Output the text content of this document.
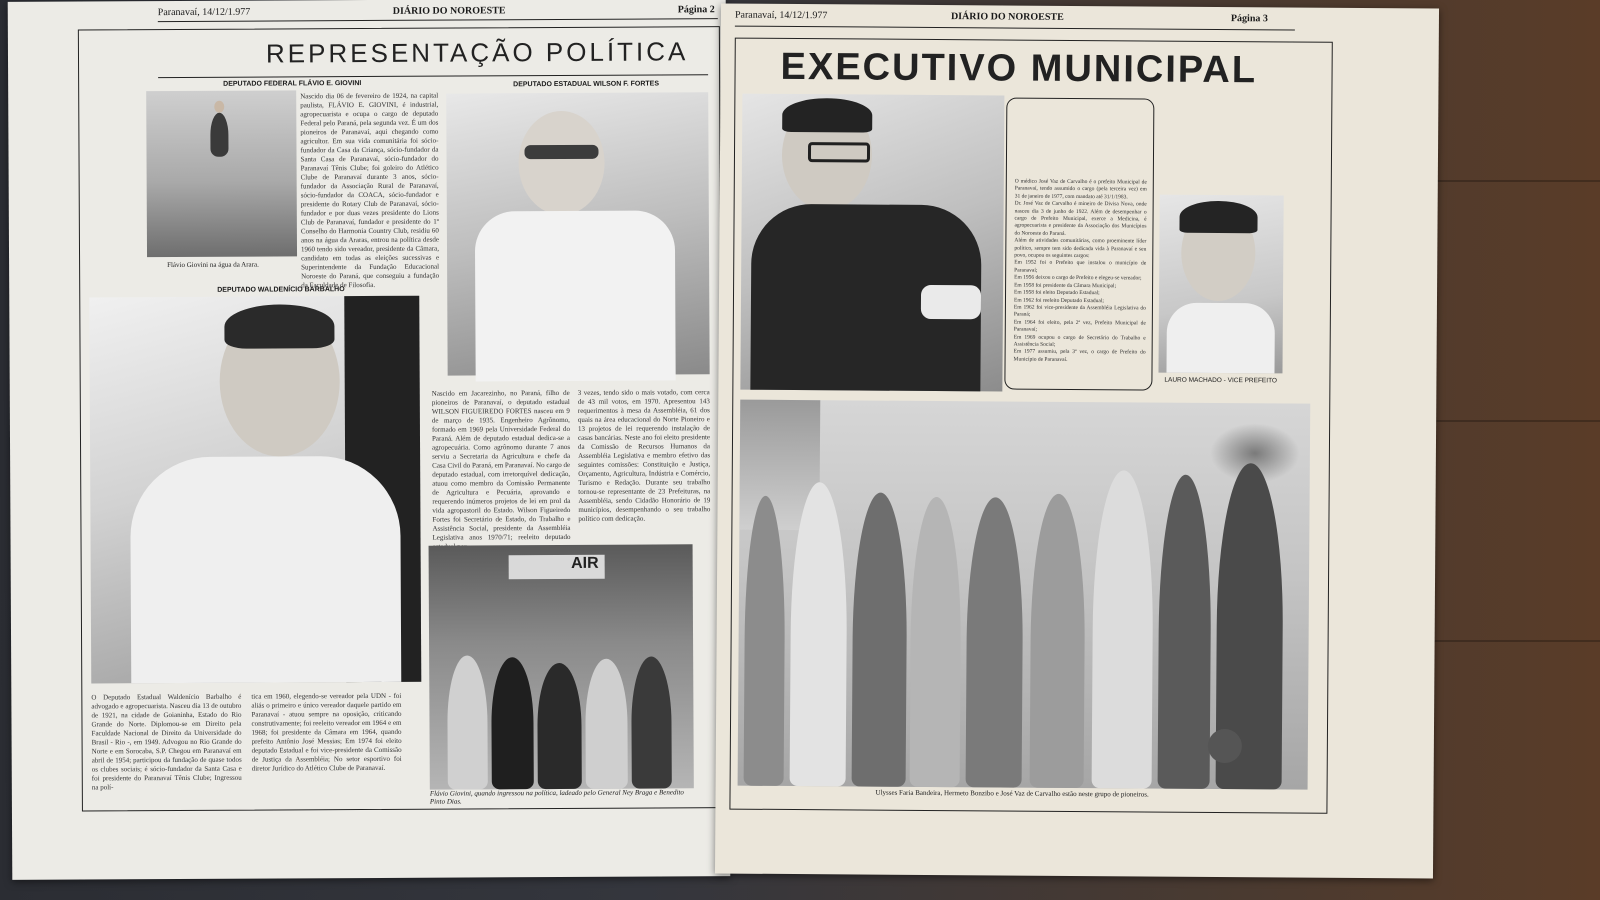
Paranavaí, 14/12/1.977	DIÁRIO DO NOROESTE	Página 2
REPRESENTAÇÃO POLÍTICA
DEPUTADO FEDERAL FLÁVIO E. GIOVINI
Flávio Giovini na água da Arara.
Nascido dia 06 de fevereiro de 1924, na capital paulista, FLÁVIO E. GIOVINI, é industrial, agropecuarista e ocupa o cargo de deputado Federal pelo Paraná, pela segunda vez. É um dos pioneiros de Paranavaí, aqui chegando como agricultor. Em sua vida comunitária foi sócio-fundador da Casa da Criança, sócio-fundador da Santa Casa de Paranavaí, sócio-fundador do Paranavaí Tênis Clube; foi goleiro do Atlético Clube de Paranavaí durante 3 anos, sócio-fundador da Associação Rural de Paranavaí, sócio-fundador da COACA, sócio-fundador e presidente do Rotary Club de Paranavaí, sócio-fundador e por duas vezes presidente do Lions Club de Paranavaí, fundador e presidente do 1º Conselho do Harmonia Country Club, residiu 60 anos na água da Araras, entrou na política desde 1960 tendo sido vereador, presidente da Câmara, candidato em todas as eleições sucessivas e Superintendente da Fundação Educacional Noroeste do Paraná, que conseguiu a fundação da Faculdade de Filosofia.
DEPUTADO ESTADUAL WILSON F. FORTES
Nascido em Jacarezinho, no Paraná, filho de pioneiros de Paranavaí, o deputado estadual WILSON FIGUEIREDO FORTES nasceu em 9 de março de 1935. Engenheiro Agrônomo, formado em 1969 pela Universidade Federal do Paraná. Além de deputado estadual dedica-se a agropecuária. Como agrônomo durante 7 anos serviu a Secretaria da Agricultura e chefe da Casa Civil do Paraná, em Paranavaí. No cargo de deputado estadual, com irretorquível dedicação, atuou como membro da Comissão Permanente de Agricultura e Pecuária, aprovando e requerendo inúmeros projetos de lei em prol da vida agropastoril do Estado. Wilson Figueiredo Fortes foi Secretário de Estado, do Trabalho e Assistência Social, presidente da Assembléia Legislativa anos 1970/71; reeleito deputado
3 vezes, tendo sido o mais votado, com cerca de 43 mil votos, em 1970. Apresentou 143 requerimentos à mesa da Assembléia, 61 dos quais na área educacional do Norte Pioneiro e 13 projetos de lei requerendo instalação de casas bancárias. Neste ano foi eleito presidente da Comissão de Recursos Humanos da Assembléia Legislativa e membro efetivo das seguintes comissões: Constituição e Justiça, Orçamento, Agricultura, Indústria e Comércio, Turismo e Redação. Durante seu trabalho tornou-se representante de 23 Prefeituras, na Assembléia, sendo Cidadão Honorário de 19 municípios, desempenhando o seu trabalho político com dedicação.
DEPUTADO WALDENÍCIO BARBALHO
O Deputado Estadual Waldenício Barbalho é advogado e agropecuarista. Nasceu dia 13 de outubro de 1921, na cidade de Goianinha, Estado do Rio Grande do Norte. Diplomou-se em Direito pela Faculdade Nacional de Direito da Universidade do Brasil - Rio -, em 1949. Advogou no Rio Grande do Norte e em Sorocaba, S.P. Chegou em Paranavaí em abril de 1954; participou da fundação de quase todos os clubes sociais; é sócio-fundador da Santa Casa e foi presidente do Paranavaí Tênis Clube; Ingressou na polí-
tica em 1960, elegendo-se vereador pela UDN - foi aliás o primeiro e único vereador daquele partido em Paranavaí - atuou sempre na oposição, criticando construtivamente; foi reeleito vereador em 1964 e em 1968; foi presidente da Câmara em 1964, quando prefeito Antônio José Messias; Em 1974 foi eleito deputado Estadual e foi vice-presidente da Comissão de Justiça da Assembléia; No setor esportivo foi diretor Jurídico do Atlético Clube de Paranavaí.
AIR
Flávio Giovini, quando ingressou na política, ladeado pelo General Ney Braga e Benedito Pinto Dias.
Paranavaí, 14/12/1.977	DIÁRIO DO NOROESTE	Página 3
EXECUTIVO MUNICIPAL
O médico José Vaz de Carvalho é o prefeito Municipal de Paranavaí, tendo assumido o cargo (pela terceira vez) em 31 de janeiro de 1977, com mandato até 31/1/1983.
Dr. José Vaz de Carvalho é mineiro de Divisa Nova, onde nasceu dia 3 de junho de 1922. Além de desempenhar o cargo de Prefeito Municipal, exerce a Medicina, é agropecuarista e presidente da Associação dos Municípios do Noroeste do Paraná.
Além de atividades comunitárias, como proeminente líder político, sempre tem sido dedicada vida à Paranavaí e seu povo, ocupou os seguintes cargos:
Em 1952 foi o Prefeito que instalou o município de Paranavaí;
Em 1956 deixou o cargo de Prefeito e elegeu-se vereador;
Em 1958 foi presidente da Câmara Municipal;
Em 1958 foi eleito Deputado Estadual;
Em 1962 foi reeleito Deputado Estadual;
Em 1962 foi vice-presidente da Assembléia Legislativa do Paraná;
Em 1964 foi eleito, pela 2ª vez, Prefeito Municipal de Paranavaí;
Em 1969 ocupou o cargo de Secretário do Trabalho e Assistência Social;
Em 1977 assumiu, pela 3ª vez, o cargo de Prefeito do Município de Paranavaí.
LAURO MACHADO - VICE PREFEITO
Ulysses Faria Bandeira, Hermeto Bonzibo e José Vaz de Carvalho estão neste grupo de pioneiros.
